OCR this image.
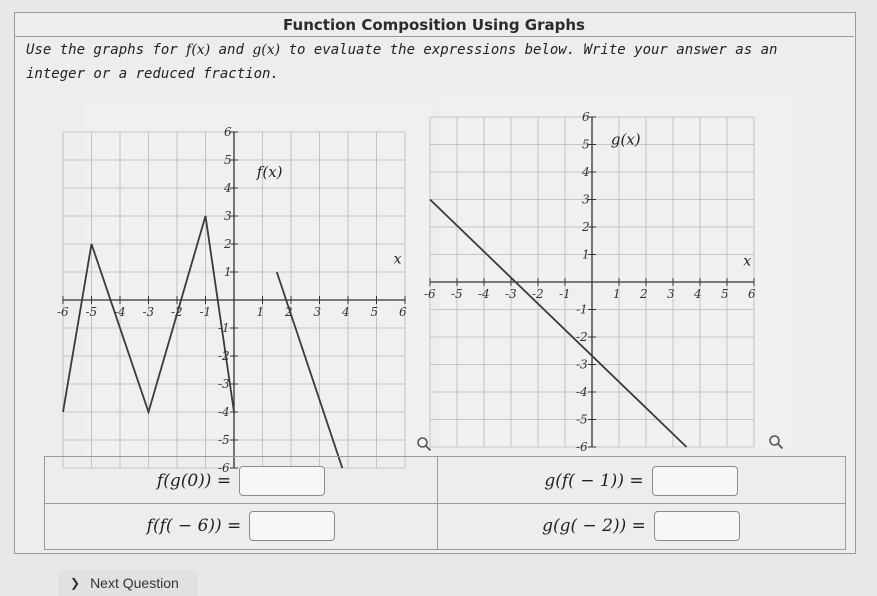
Function Composition Using Graphs
Use the graphs for f(x) and g(x) to evaluate the expressions below. Write your answer as an integer or a reduced fraction.
-6 -5 -4 -3 -2 -1	1 2 3 4 5 6
6
5
4
3
2
1
-1
-2
-3
-4
-5
-6
x
f(x)
-6 -5 -4 -3 -2 -1	1 2 3 4 5 6
6
5
4
3
2
1
-1
-2
-3
-4
-5
-6
x
g(x)
f(g(0)) =	g(f( − 1)) =
f(f( − 6)) =	g(g( − 2)) =
❯ Next Question
